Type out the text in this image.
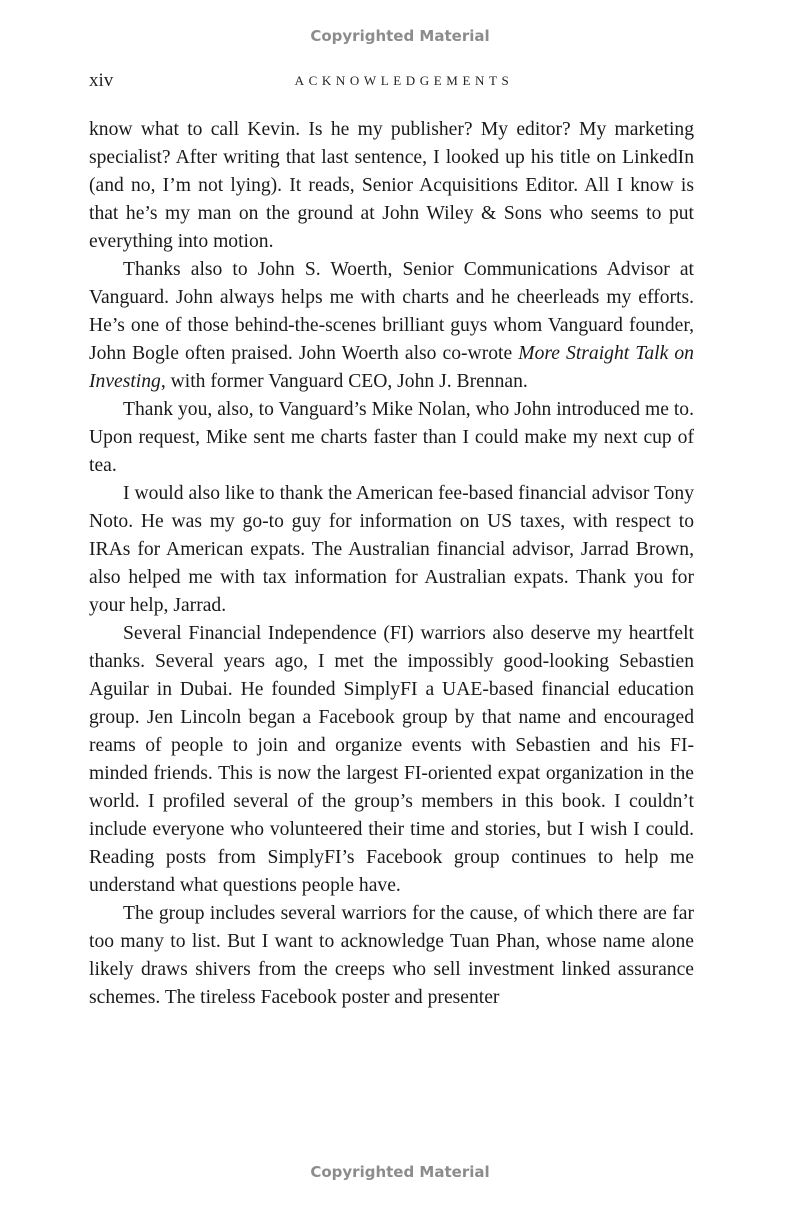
Copyrighted Material
xiv	ACKNOWLEDGEMENTS

know what to call Kevin. Is he my publisher? My editor? My marketing specialist? After writing that last sentence, I looked up his title on LinkedIn (and no, I’m not lying). It reads, Senior Acquisitions Editor. All I know is that he’s my man on the ground at John Wiley & Sons who seems to put everything into motion.

Thanks also to John S. Woerth, Senior Communications Advisor at Vanguard. John always helps me with charts and he cheerleads my efforts. He’s one of those behind-the-scenes brilliant guys whom Vanguard founder, John Bogle often praised. John Woerth also co-wrote More Straight Talk on Investing, with former Vanguard CEO, John J. Brennan.

Thank you, also, to Vanguard’s Mike Nolan, who John introduced me to. Upon request, Mike sent me charts faster than I could make my next cup of tea.

I would also like to thank the American fee-based financial advisor Tony Noto. He was my go-to guy for information on US taxes, with respect to IRAs for American expats. The Australian financial advisor, Jarrad Brown, also helped me with tax information for Australian expats. Thank you for your help, Jarrad.

Several Financial Independence (FI) warriors also deserve my heartfelt thanks. Several years ago, I met the impossibly good-looking Sebastien Aguilar in Dubai. He founded SimplyFI a UAE-based financial education group. Jen Lincoln began a Facebook group by that name and encouraged reams of people to join and organize events with Sebastien and his FI-minded friends. This is now the largest FI-oriented expat organization in the world. I profiled several of the group’s members in this book. I couldn’t include everyone who volunteered their time and stories, but I wish I could. Reading posts from SimplyFI’s Facebook group continues to help me understand what questions people have.

The group includes several warriors for the cause, of which there are far too many to list. But I want to acknowledge Tuan Phan, whose name alone likely draws shivers from the creeps who sell investment linked assurance schemes. The tireless Facebook poster and presenter

Copyrighted Material
